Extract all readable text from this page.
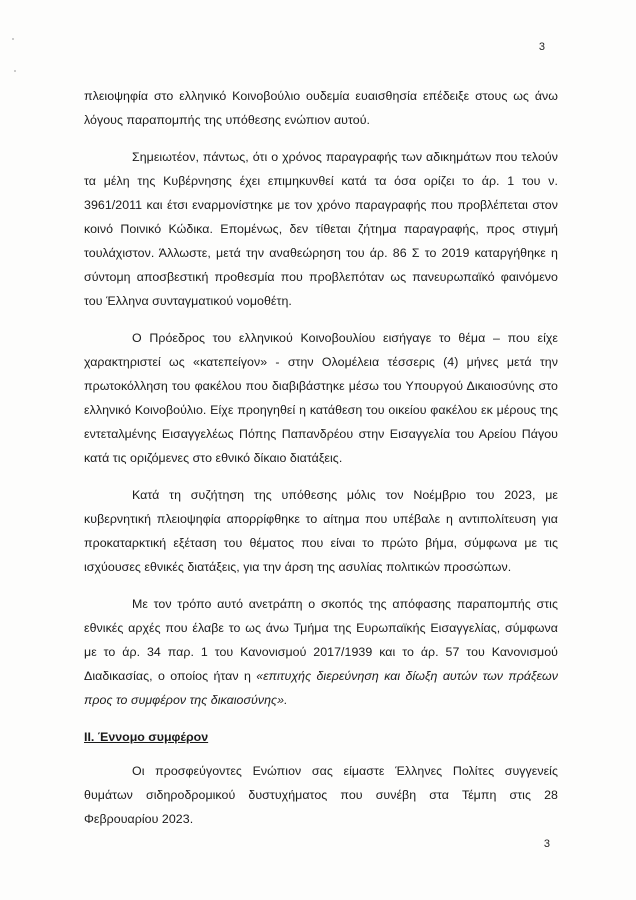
3

πλειοψηφία στο ελληνικό Κοινοβούλιο ουδεμία ευαισθησία επέδειξε στους ως άνω λόγους παραπομπής της υπόθεσης ενώπιον αυτού.

Σημειωτέον, πάντως, ότι ο χρόνος παραγραφής των αδικημάτων που τελούν τα μέλη της Κυβέρνησης έχει επιμηκυνθεί κατά τα όσα ορίζει το άρ. 1 του ν. 3961/2011 και έτσι εναρμονίστηκε με τον χρόνο παραγραφής που προβλέπεται στον κοινό Ποινικό Κώδικα. Επομένως, δεν τίθεται ζήτημα παραγραφής, προς στιγμή τουλάχιστον. Άλλωστε, μετά την αναθεώρηση του άρ. 86 Σ το 2019 καταργήθηκε η σύντομη αποσβεστική προθεσμία που προβλεπόταν ως πανευρωπαϊκό φαινόμενο του Έλληνα συνταγματικού νομοθέτη.

Ο Πρόεδρος του ελληνικού Κοινοβουλίου εισήγαγε το θέμα – που είχε χαρακτηριστεί ως «κατεπείγον» - στην Ολομέλεια τέσσερις (4) μήνες μετά την πρωτοκόλληση του φακέλου που διαβιβάστηκε μέσω του Υπουργού Δικαιοσύνης στο ελληνικό Κοινοβούλιο. Είχε προηγηθεί η κατάθεση του οικείου φακέλου εκ μέρους της εντεταλμένης Εισαγγελέως Πόπης Παπανδρέου στην Εισαγγελία του Αρείου Πάγου κατά τις οριζόμενες στο εθνικό δίκαιο διατάξεις.

Κατά τη συζήτηση της υπόθεσης μόλις τον Νοέμβριο του 2023, με κυβερνητική πλειοψηφία απορρίφθηκε το αίτημα που υπέβαλε η αντιπολίτευση για προκαταρκτική εξέταση του θέματος που είναι το πρώτο βήμα, σύμφωνα με τις ισχύουσες εθνικές διατάξεις, για την άρση της ασυλίας πολιτικών προσώπων.

Με τον τρόπο αυτό ανετράπη ο σκοπός της απόφασης παραπομπής στις εθνικές αρχές που έλαβε το ως άνω Τμήμα της Ευρωπαϊκής Εισαγγελίας, σύμφωνα με το άρ. 34 παρ. 1 του Κανονισμού 2017/1939 και το άρ. 57 του Κανονισμού Διαδικασίας, ο οποίος ήταν η «επιτυχής διερεύνηση και δίωξη αυτών των πράξεων προς το συμφέρον της δικαιοσύνης».

ΙΙ. Έννομο συμφέρον

Οι προσφεύγοντες Ενώπιον σας είμαστε Έλληνες Πολίτες συγγενείς θυμάτων σιδηροδρομικού δυστυχήματος που συνέβη στα Τέμπη στις 28 Φεβρουαρίου 2023.

3
